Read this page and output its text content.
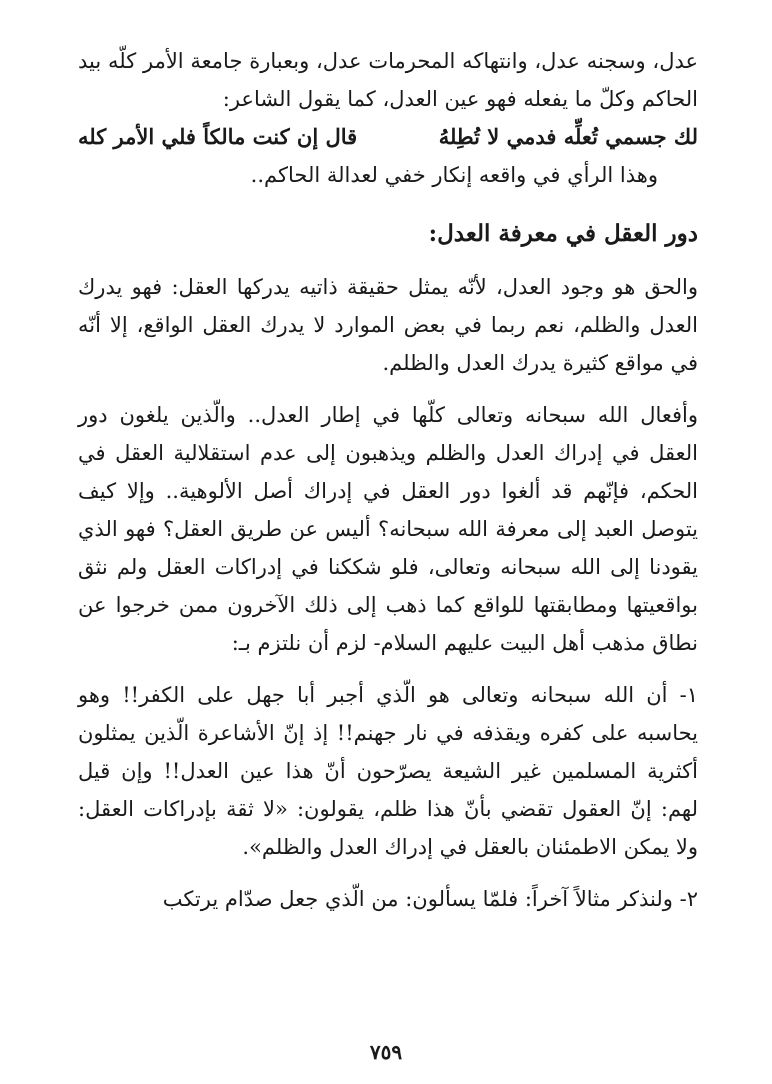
عدل، وسجنه عدل، وانتهاكه المحرمات عدل، وبعبارة جامعة الأمر كلّه بيد الحاكم وكلّ ما يفعله فهو عين العدل، كما يقول الشاعر:

لك جسمي تُعلِّه فدمي لا تُطِلهُ
قال إن كنت مالكاً فلي الأمر كله

وهذا الرأي في واقعه إنكار خفي لعدالة الحاكم..

دور العقل في معرفة العدل:

والحق هو وجود العدل، لأنّه يمثل حقيقة ذاتيه يدركها العقل: فهو يدرك العدل والظلم، نعم ربما في بعض الموارد لا يدرك العقل الواقع، إلا أنّه في مواقع كثيرة يدرك العدل والظلم.

وأفعال الله سبحانه وتعالى كلّها في إطار العدل.. والّذين يلغون دور العقل في إدراك العدل والظلم ويذهبون إلى عدم استقلالية العقل في الحكم، فإنّهم قد ألغوا دور العقل في إدراك أصل الألوهية.. وإلا كيف يتوصل العبد إلى معرفة الله سبحانه؟ أليس عن طريق العقل؟ فهو الذي يقودنا إلى الله سبحانه وتعالى، فلو شككنا في إدراكات العقل ولم نثق بواقعيتها ومطابقتها للواقع كما ذهب إلى ذلك الآخرون ممن خرجوا عن نطاق مذهب أهل البيت عليهم السلام- لزم أن نلتزم بـ:

١- أن الله سبحانه وتعالى هو الّذي أجبر أبا جهل على الكفر!! وهو يحاسبه على كفره ويقذفه في نار جهنم!! إذ إنّ الأشاعرة الّذين يمثلون أكثرية المسلمين غير الشيعة يصرّحون أنّ هذا عين العدل!! وإن قيل لهم: إنّ العقول تقضي بأنّ هذا ظلم، يقولون: «لا ثقة بإدراكات العقل: ولا يمكن الاطمئنان بالعقل في إدراك العدل والظلم».

٢- ولنذكر مثالاً آخراً: فلمّا يسألون: من الّذي جعل صدّام يرتكب

٧٥٩
